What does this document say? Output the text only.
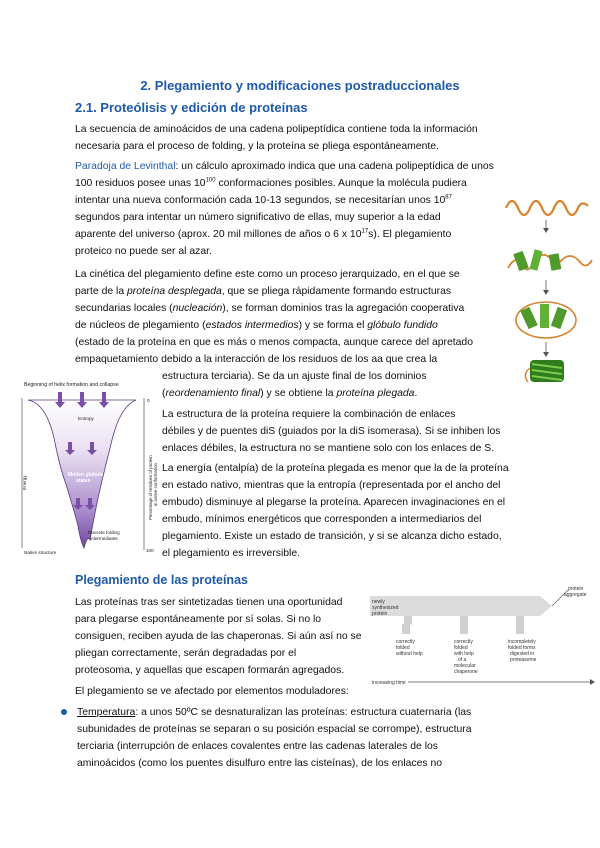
2. Plegamiento y modificaciones postraduccionales
2.1. Proteólisis y edición de proteínas
La secuencia de aminoácidos de una cadena polipeptídica contiene toda la información
necesaria para el proceso de folding, y la proteína se pliega espontáneamente.
Paradoja de Levinthal: un cálculo aproximado indica que una cadena polipeptídica de unos
100 residuos posee unas $10^{100}$ conformaciones posibles. Aunque la molécula pudiera
intentar una nueva conformación cada 10-13 segundos, se necesitarían unos $10^{87}$
segundos para intentar un número significativo de ellas, muy superior a la edad
aparente del universo (aprox. 20 mil millones de años o 6 x $10^{17}s$). El plegamiento
proteico no puede ser al azar.
La cinética del plegamiento define este como un proceso jerarquizado, en el que se
parte de la proteína desplegada, que se pliega rápidamente formando estructuras
secundarias locales (nucleación), se forman dominios tras la agregación cooperativa
de núcleos de plegamiento (estados intermedios) y se forma el glóbulo fundido
(estado de la proteína en que es más o menos compacta, aunque carece del apretado
empaquetamiento debido a la interacción de los residuos de los aa que crea la
estructura terciaria). Se da un ajuste final de los dominios
(reordenamiento final) y se obtiene la proteína plegada.
La estructura de la proteína requiere la combinación de enlaces
débiles y de puentes diS (guiados por la diS isomerasa). Si se inhiben los
enlaces débiles, la estructura no se mantiene solo con los enlaces de S.
La energía (entalpía) de la proteína plegada es menor que la de la proteína
en estado nativo, mientras que la entropía (representada por el ancho del
embudo) disminuye al plegarse la proteína. Aparecen invaginaciones en el
embudo, mínimos energéticos que corresponden a intermediarios del
plegamiento. Existe un estado de transición, y si se alcanza dicho estado,
el plegamiento es irreversible.
Beginning of helix formation and collapse
Entropy
Molten globule
states
Discrete folding
intermediates
Native structure
Energy
0
100
Percentage of residues of protein in native conformation
Plegamiento de las proteínas
Las proteínas tras ser sintetizadas tienen una oportunidad
para plegarse espontáneamente por sí solas. Si no lo
consiguen, reciben ayuda de las chaperonas. Si aún así no se
pliegan correctamente, serán degradadas por el
proteosoma, y aquellas que escapen formarán agregados.
El plegamiento se ve afectado por elementos moduladores:
newly
synthesized
protein
protein
aggregate
correctly
folded
without help
correctly
folded
with help
of a
molecular
chaperone
incompletely
folded forms
digested in
proteasome
increasing time
Temperatura: a unos 50ºC se desnaturalizan las proteínas: estructura cuaternaria (las
subunidades de proteínas se separan o su posición espacial se corrompe), estructura
terciaria (interrupción de enlaces covalentes entre las cadenas laterales de los
aminoácidos (como los puentes disulfuro entre las cisteínas), de los enlaces no
